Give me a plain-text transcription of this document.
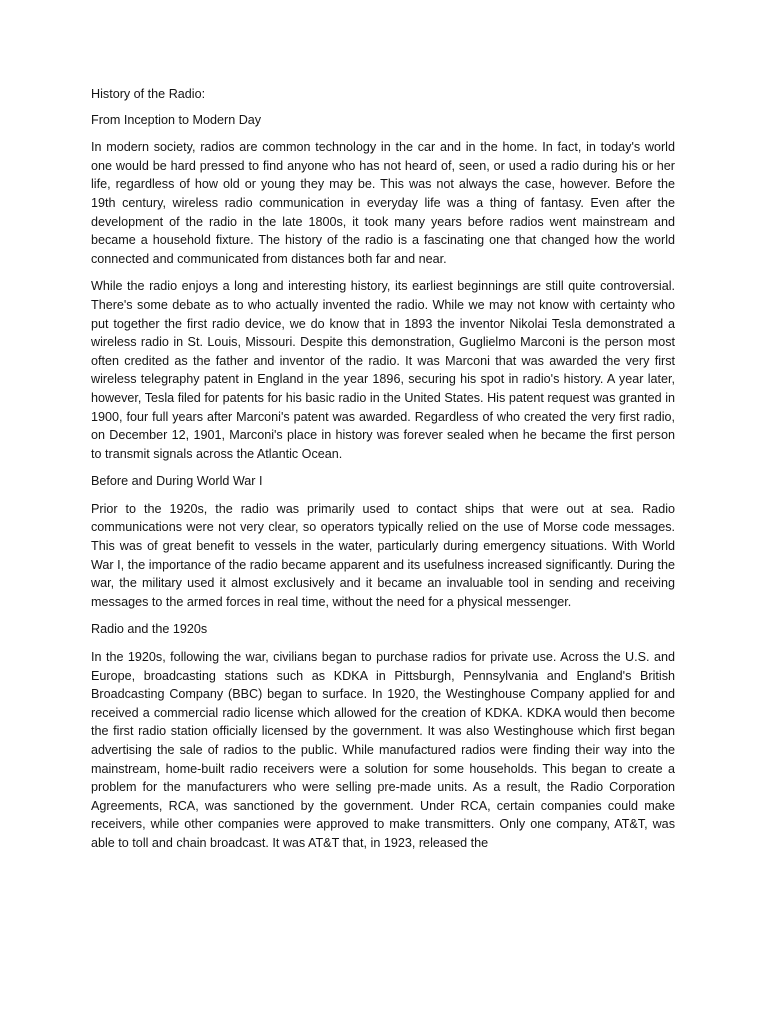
History of the Radio:

From Inception to Modern Day

In modern society, radios are common technology in the car and in the home. In fact, in today's world one would be hard pressed to find anyone who has not heard of, seen, or used a radio during his or her life, regardless of how old or young they may be. This was not always the case, however. Before the 19th century, wireless radio communication in everyday life was a thing of fantasy. Even after the development of the radio in the late 1800s, it took many years before radios went mainstream and became a household fixture. The history of the radio is a fascinating one that changed how the world connected and communicated from distances both far and near.

While the radio enjoys a long and interesting history, its earliest beginnings are still quite controversial. There's some debate as to who actually invented the radio. While we may not know with certainty who put together the first radio device, we do know that in 1893 the inventor Nikolai Tesla demonstrated a wireless radio in St. Louis, Missouri. Despite this demonstration, Guglielmo Marconi is the person most often credited as the father and inventor of the radio. It was Marconi that was awarded the very first wireless telegraphy patent in England in the year 1896, securing his spot in radio's history. A year later, however, Tesla filed for patents for his basic radio in the United States. His patent request was granted in 1900, four full years after Marconi's patent was awarded. Regardless of who created the very first radio, on December 12, 1901, Marconi's place in history was forever sealed when he became the first person to transmit signals across the Atlantic Ocean.

Before and During World War I

Prior to the 1920s, the radio was primarily used to contact ships that were out at sea. Radio communications were not very clear, so operators typically relied on the use of Morse code messages. This was of great benefit to vessels in the water, particularly during emergency situations. With World War I, the importance of the radio became apparent and its usefulness increased significantly. During the war, the military used it almost exclusively and it became an invaluable tool in sending and receiving messages to the armed forces in real time, without the need for a physical messenger.

Radio and the 1920s

In the 1920s, following the war, civilians began to purchase radios for private use. Across the U.S. and Europe, broadcasting stations such as KDKA in Pittsburgh, Pennsylvania and England's British Broadcasting Company (BBC) began to surface. In 1920, the Westinghouse Company applied for and received a commercial radio license which allowed for the creation of KDKA. KDKA would then become the first radio station officially licensed by the government. It was also Westinghouse which first began advertising the sale of radios to the public. While manufactured radios were finding their way into the mainstream, home-built radio receivers were a solution for some households. This began to create a problem for the manufacturers who were selling pre-made units. As a result, the Radio Corporation Agreements, RCA, was sanctioned by the government. Under RCA, certain companies could make receivers, while other companies were approved to make transmitters. Only one company, AT&T, was able to toll and chain broadcast. It was AT&T that, in 1923, released the
